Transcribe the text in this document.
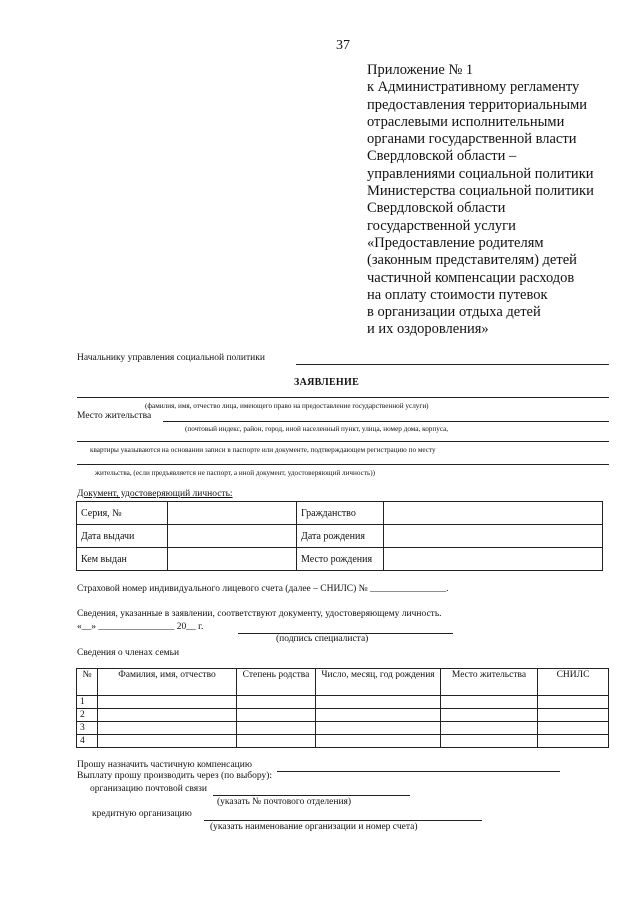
37
Приложение № 1
к Административному регламенту
предоставления территориальными
отраслевыми исполнительными
органами государственной власти
Свердловской области –
управлениями социальной политики
Министерства социальной политики
Свердловской области
государственной услуги
«Предоставление родителям
(законным представителям) детей
частичной компенсации расходов
на оплату стоимости путевок
в организации отдыха детей
и их оздоровления»
Начальнику управления социальной политики
ЗАЯВЛЕНИЕ
(фамилия, имя, отчество лица, имеющего право на предоставление государственной услуги)
Место жительства
(почтовый индекс, район, город, иной населенный пункт, улица, номер дома, корпуса,
квартиры указываются на основании записи в паспорте или документе, подтверждающем регистрацию по месту
жительства, (если предъявляется не паспорт, а иной документ, удостоверяющий личность))
Документ, удостоверяющий личность:
Серия, №		Гражданство	
Дата выдачи		Дата рождения	
Кем выдан		Место рождения	
Страховой номер индивидуального лицевого счета (далее – СНИЛС) № ________________.
Сведения, указанные в заявлении, соответствуют документу, удостоверяющему личность.
«__» ________________ 20__ г.
(подпись специалиста)
Сведения о членах семьи
№	Фамилия, имя, отчество	Степень родства	Число, месяц, год рождения	Место жительства	СНИЛС
1					
2					
3					
4					
Прошу назначить частичную компенсацию
Выплату прошу производить через (по выбору):
организацию почтовой связи
(указать № почтового отделения)
кредитную организацию
(указать наименование организации и номер счета)
